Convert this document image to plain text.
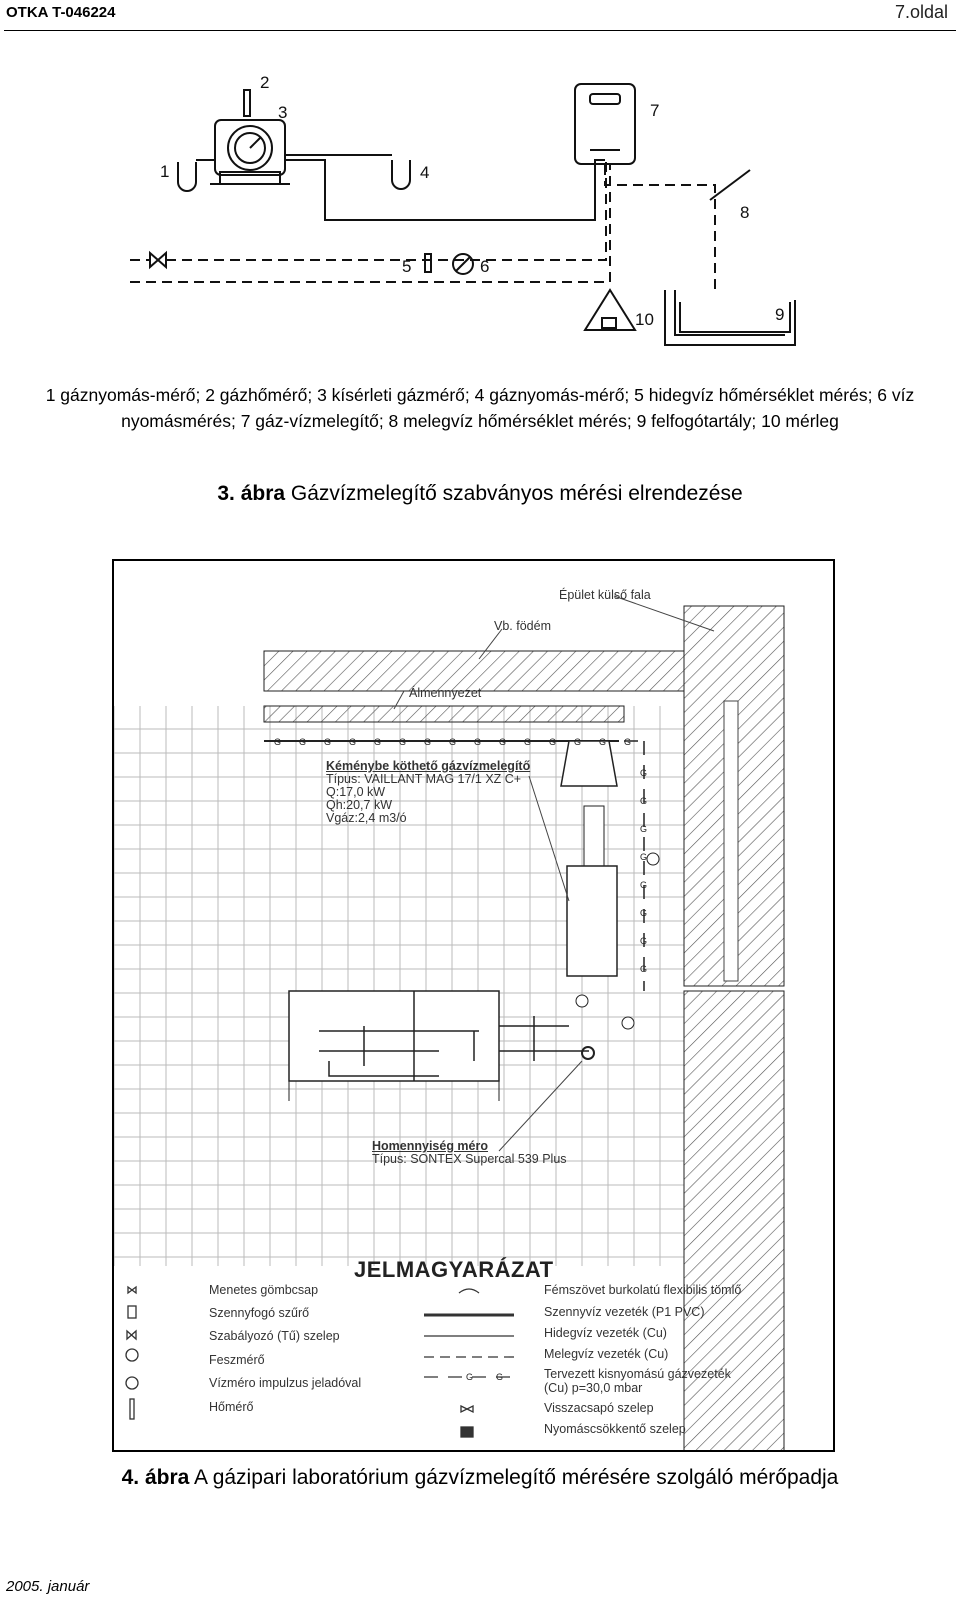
OTKA T-046224	7.oldal
1
2
3
4
5	6
7
8
9
10
1 gáznyomás-mérő; 2 gázhőmérő; 3 kísérleti gázmérő; 4 gáznyomás-mérő; 5 hidegvíz hőmérséklet mérés; 6 víz nyomásmérés; 7 gáz-vízmelegítő; 8 melegvíz hőmérséklet mérés; 9 felfogótartály; 10 mérleg
3. ábra Gázvízmelegítő szabványos mérési elrendezése
G G G G G G G G G G G G G G G
G
G
G
G
G
G
G
G
G	G
Épület külső fala
Vb. födém
Álmennyezet
Kéménybe köthető gázvízmelegítő
Típus: VAILLANT MAG 17/1 XZ C+
Q:17,0 kW
Qh:20,7 kW
Vgáz:2,4 m3/ó
Homennyiség méro
Típus: SONTEX Supercal 539 Plus
JELMAGYARÁZAT
Menetes gömbcsap
Szennyfogó szűrő
Szabályozó (Tű) szelep
Feszmérő
Vízméro impulzus jeladóval
Hőmérő
Fémszövet burkolatú flexibilis tömlő
Szennyvíz vezeték (P1 PVC)
Hidegvíz vezeték (Cu)
Melegvíz vezeték (Cu)
Tervezett kisnyomású gázvezeték
(Cu) p=30,0 mbar
Visszacsapó szelep
Nyomáscsökkentő szelep
4. ábra A gázipari laboratórium gázvízmelegítő mérésére szolgáló mérőpadja
2005. január
